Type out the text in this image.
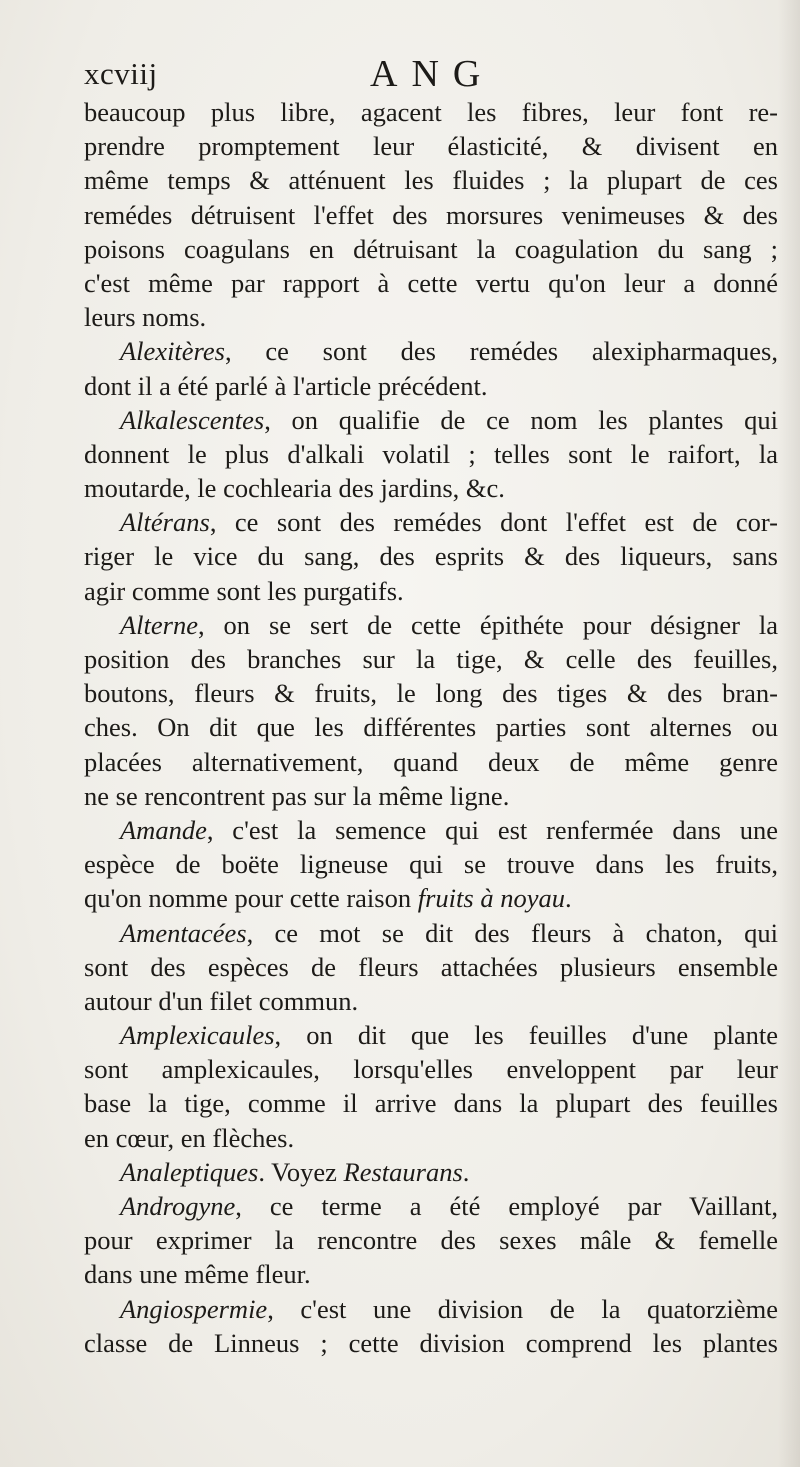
xcviij	ANG
beaucoup plus libre, agacent les fibres, leur font re-
prendre promptement leur élasticité, & divisent en
même temps & atténuent les fluides ; la plupart de ces
remédes détruisent l'effet des morsures venimeuses & des
poisons coagulans en détruisant la coagulation du sang ;
c'est même par rapport à cette vertu qu'on leur a donné
leurs noms.
Alexitères, ce sont des remédes alexipharmaques,
dont il a été parlé à l'article précédent.
Alkalescentes, on qualifie de ce nom les plantes qui
donnent le plus d'alkali volatil ; telles sont le raifort, la
moutarde, le cochlearia des jardins, &c.
Altérans, ce sont des remédes dont l'effet est de cor-
riger le vice du sang, des esprits & des liqueurs, sans
agir comme sont les purgatifs.
Alterne, on se sert de cette épithéte pour désigner la
position des branches sur la tige, & celle des feuilles,
boutons, fleurs & fruits, le long des tiges & des bran-
ches. On dit que les différentes parties sont alternes ou
placées alternativement, quand deux de même genre
ne se rencontrent pas sur la même ligne.
Amande, c'est la semence qui est renfermée dans une
espèce de boëte ligneuse qui se trouve dans les fruits,
qu'on nomme pour cette raison fruits à noyau.
Amentacées, ce mot se dit des fleurs à chaton, qui
sont des espèces de fleurs attachées plusieurs ensemble
autour d'un filet commun.
Amplexicaules, on dit que les feuilles d'une plante
sont amplexicaules, lorsqu'elles enveloppent par leur
base la tige, comme il arrive dans la plupart des feuilles
en cœur, en flèches.
Analeptiques. Voyez Restaurans.
Androgyne, ce terme a été employé par Vaillant,
pour exprimer la rencontre des sexes mâle & femelle
dans une même fleur.
Angiospermie, c'est une division de la quatorzième
classe de Linneus ; cette division comprend les plantes
